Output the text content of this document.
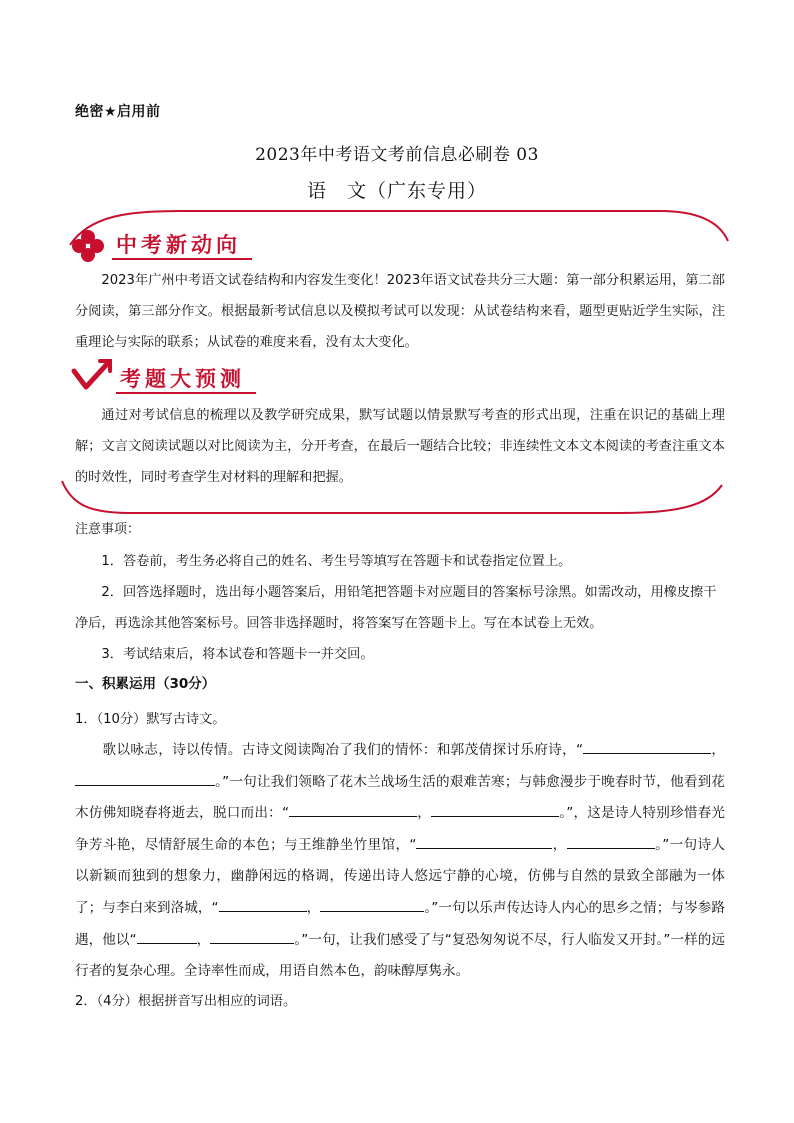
绝密★启用前
2023年中考语文考前信息必刷卷 03
语　文（广东专用）
中考新动向
2023年广州中考语文试卷结构和内容发生变化！2023年语文试卷共分三大题：第一部分积累运用，第二部分阅读，第三部分作文。根据最新考试信息以及模拟考试可以发现：从试卷结构来看，题型更贴近学生实际，注重理论与实际的联系；从试卷的难度来看，没有太大变化。
考题大预测
通过对考试信息的梳理以及教学研究成果，默写试题以情景默写考查的形式出现，注重在识记的基础上理解；文言文阅读试题以对比阅读为主，分开考查，在最后一题结合比较；非连续性文本文本阅读的考查注重文本的时效性，同时考查学生对材料的理解和把握。
注意事项：
1．答卷前，考生务必将自己的姓名、考生号等填写在答题卡和试卷指定位置上。
2．回答选择题时，选出每小题答案后，用铅笔把答题卡对应题目的答案标号涂黑。如需改动，用橡皮擦干净后，再选涂其他答案标号。回答非选择题时，将答案写在答题卡上。写在本试卷上无效。
3．考试结束后，将本试卷和答题卡一并交回。
一、积累运用（30分）
1．（10分）默写古诗文。
歌以咏志，诗以传情。古诗文阅读陶冶了我们的情怀：和郭茂倩探讨乐府诗，“	，。”一句让我们领略了花木兰战场生活的艰难苦寒；与韩愈漫步于晚春时节，他看到花木仿佛知晓春将逝去，脱口而出：“	，	。”，这是诗人特别珍惜春光争芳斗艳，尽情舒展生命的本色；与王维静坐竹里馆，“	，	。”一句诗人以新颖而独到的想象力，幽静闲远的格调，传递出诗人悠远宁静的心境，仿佛与自然的景致全部融为一体了；与李白来到洛城，“	，	。”一句以乐声传达诗人内心的思乡之情；与岑参路遇，他以“	，	。”一句，让我们感受了与“复恐匆匆说不尽，行人临发又开封。”一样的远行者的复杂心理。全诗率性而成，用语自然本色，韵味醇厚隽永。
2．（4分）根据拼音写出相应的词语。
